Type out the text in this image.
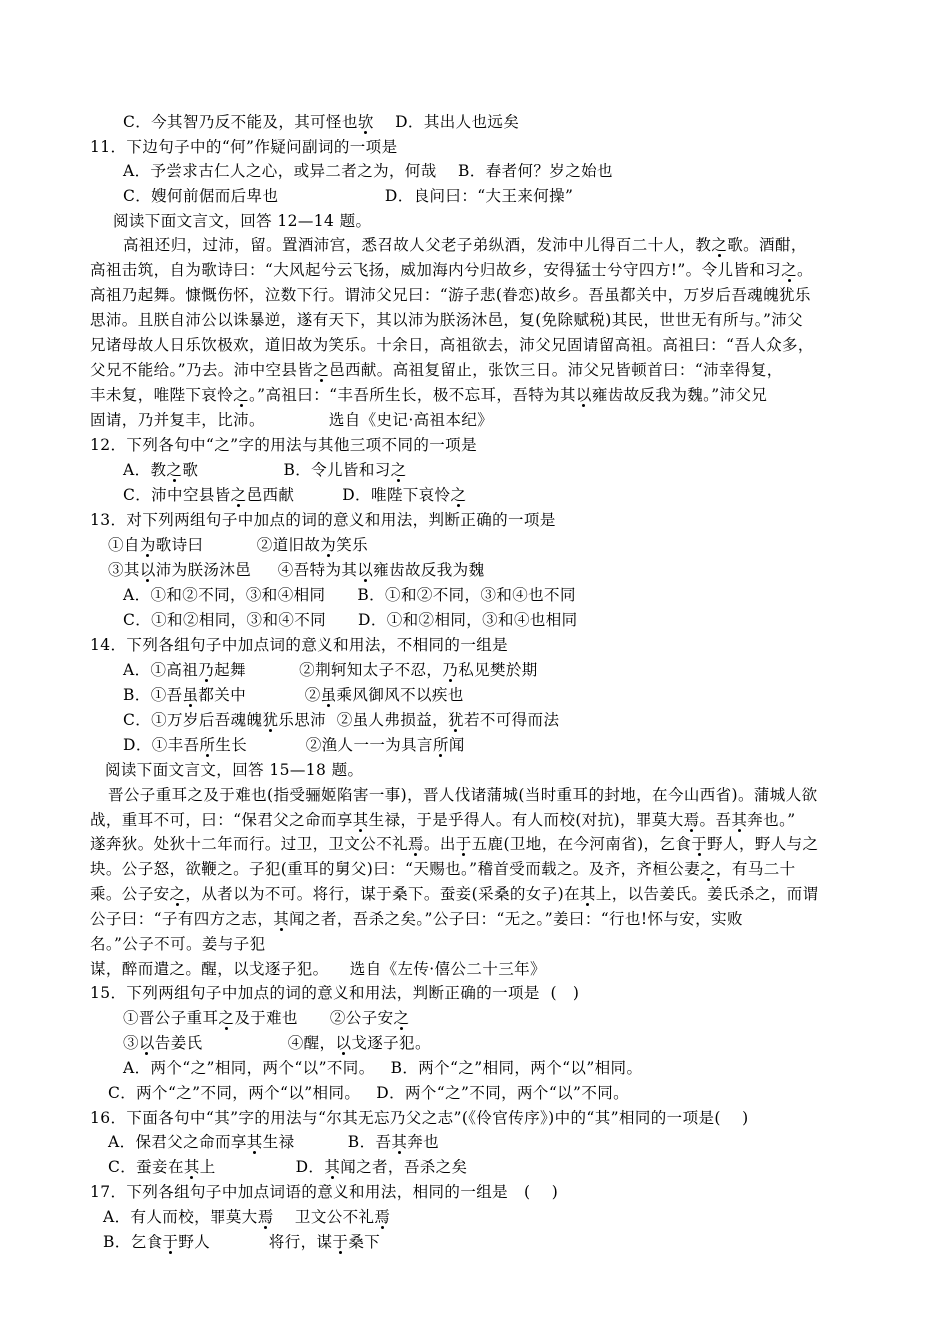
C．今其智乃反不能及，其可怪也欤    D．其出人也远矣
11．下边句子中的“何”作疑问副词的一项是
A．予尝求古仁人之心，或异二者之为，何哉    B．春者何？岁之始也
C．嫂何前倨而后卑也                    D．良问曰：“大王来何操”
阅读下面文言文，回答 12—14 题。
高祖还归，过沛，留。置酒沛宫，悉召故人父老子弟纵酒，发沛中儿得百二十人，教之歌。酒酣，
高祖击筑，自为歌诗曰：“大风起兮云飞扬，威加海内兮归故乡，安得猛士兮守四方!”。令儿皆和习之。
高祖乃起舞。慷慨伤怀，泣数下行。谓沛父兄曰：“游子悲(眷恋)故乡。吾虽都关中，万岁后吾魂魄犹乐
思沛。且朕自沛公以诛暴逆，遂有天下，其以沛为朕汤沐邑，复(免除赋税)其民，世世无有所与。”沛父
兄诸母故人日乐饮极欢，道旧故为笑乐。十余日，高祖欲去，沛父兄固请留高祖。高祖曰：“吾人众多，
父兄不能给。”乃去。沛中空县皆之邑西献。高祖复留止，张饮三日。沛父兄皆顿首曰：“沛幸得复，
丰未复，唯陛下哀怜之。”高祖曰：“丰吾所生长，极不忘耳，吾特为其以雍齿故反我为魏。”沛父兄
固请，乃并复丰，比沛。            选自《史记·高祖本纪》
12．下列各句中“之”字的用法与其他三项不同的一项是
A．教之歌                B．令儿皆和习之
C．沛中空县皆之邑西献         D．唯陛下哀怜之
13．对下列两组句子中加点的词的意义和用法，判断正确的一项是
①自为歌诗曰          ②道旧故为笑乐
③其以沛为朕汤沐邑     ④吾特为其以雍齿故反我为魏
A．①和②不同，③和④相同      B．①和②不同，③和④也不同
C．①和②相同，③和④不同      D．①和②相同，③和④也相同
14．下列各组句子中加点词的意义和用法，不相同的一组是
A．①高祖乃起舞          ②荆轲知太子不忍，乃私见樊於期
B．①吾虽都关中           ②虽乘风御风不以疾也
C．①万岁后吾魂魄犹乐思沛  ②虽人弗损益，犹若不可得而法
D．①丰吾所生长           ②渔人一一为具言所闻
阅读下面文言文，回答 15—18 题。
晋公子重耳之及于难也(指受骊姬陷害一事)，晋人伐诸蒲城(当时重耳的封地，在今山西省)。蒲城人欲
战，重耳不可，曰：“保君父之命而享其生禄，于是乎得人。有人而校(对抗)，罪莫大焉。吾其奔也。”
遂奔狄。处狄十二年而行。过卫，卫文公不礼焉。出于五鹿(卫地，在今河南省)，乞食于野人，野人与之
块。公子怒，欲鞭之。子犯(重耳的舅父)曰：“天赐也。”稽首受而载之。及齐，齐桓公妻之，有马二十
乘。公子安之，从者以为不可。将行，谋于桑下。蚕妾(采桑的女子)在其上，以告姜氏。姜氏杀之，而谓
公子曰：“子有四方之志，其闻之者，吾杀之矣。”公子曰：“无之。”姜曰：“行也!怀与安，实败
名。”公子不可。姜与子犯
谋，醉而遣之。醒，以戈逐子犯。    选自《左传·僖公二十三年》
15．下列两组句子中加点的词的意义和用法，判断正确的一项是  (   )
①晋公子重耳之及于难也      ②公子安之
③以告姜氏                ④醒，以戈逐子犯。
A．两个“之”相同，两个“以”不同。   B．两个“之”相同，两个“以”相同。
C．两个“之”不同，两个“以”相同。   D．两个“之”不同，两个“以”不同。
16．下面各句中“其”字的用法与“尔其无忘乃父之志”(《伶官传序》)中的“其”相同的一项是(    )
A．保君父之命而享其生禄          B．吾其奔也
C．蚕妾在其上               D．其闻之者，吾杀之矣
17．下列各组句子中加点词语的意义和用法，相同的一组是   (    )
A．有人而校，罪莫大焉    卫文公不礼焉
B．乞食于野人           将行，谋于桑下
